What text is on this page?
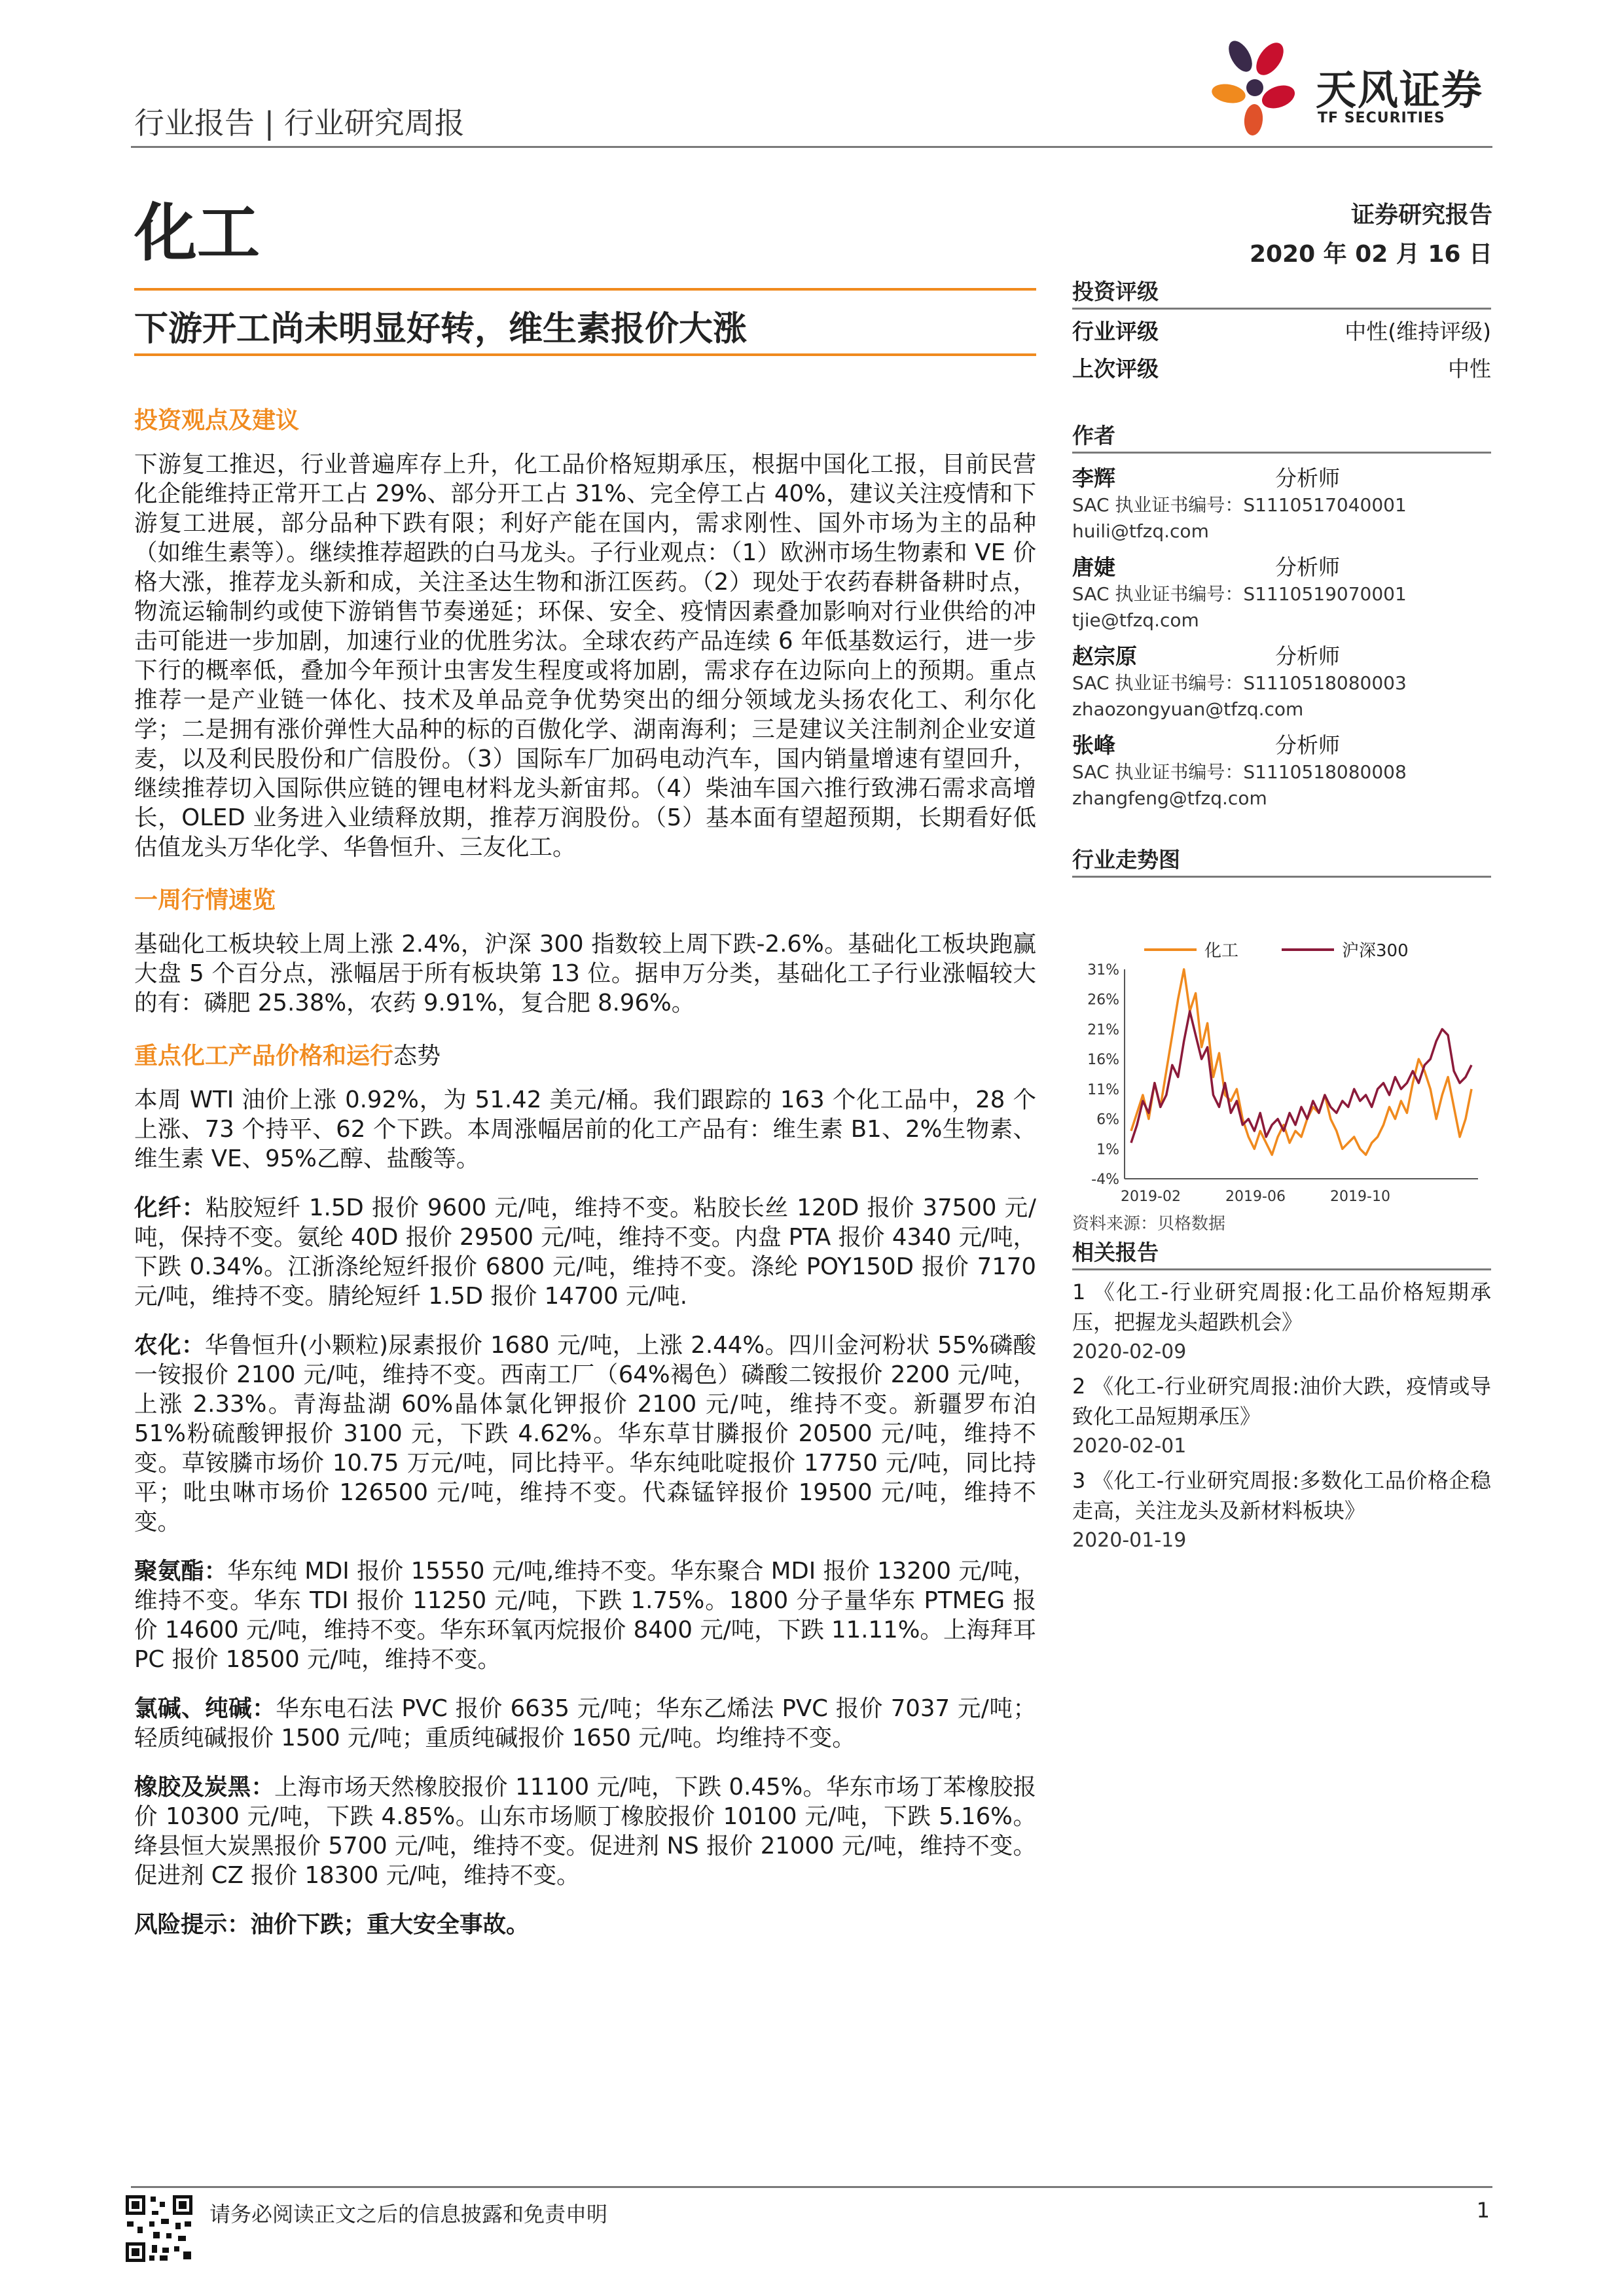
行业报告 | 行业研究周报
天风证券
TF SECURITIES
化工	证券研究报告
2020 年 02 月 16 日
下游开工尚未明显好转，维生素报价大涨
投资观点及建议

下游复工推迟，行业普遍库存上升，化工品价格短期承压，根据中国化工报，目前民营化企能维持正常开工占 29%、部分开工占 31%、完全停工占 40%，建议关注疫情和下游复工进展，部分品种下跌有限；利好产能在国内，需求刚性、国外市场为主的品种（如维生素等）。继续推荐超跌的白马龙头。子行业观点：（1）欧洲市场生物素和 VE 价格大涨，推荐龙头新和成，关注圣达生物和浙江医药。（2）现处于农药春耕备耕时点，物流运输制约或使下游销售节奏递延；环保、安全、疫情因素叠加影响对行业供给的冲击可能进一步加剧，加速行业的优胜劣汰。全球农药产品连续 6 年低基数运行，进一步下行的概率低，叠加今年预计虫害发生程度或将加剧，需求存在边际向上的预期。重点推荐一是产业链一体化、技术及单品竞争优势突出的细分领域龙头扬农化工、利尔化学；二是拥有涨价弹性大品种的标的百傲化学、湖南海利；三是建议关注制剂企业安道麦，以及利民股份和广信股份。（3）国际车厂加码电动汽车，国内销量增速有望回升，继续推荐切入国际供应链的锂电材料龙头新宙邦。（4）柴油车国六推行致沸石需求高增长，OLED 业务进入业绩释放期，推荐万润股份。（5）基本面有望超预期，长期看好低估值龙头万华化学、华鲁恒升、三友化工。

一周行情速览

基础化工板块较上周上涨 2.4%，沪深 300 指数较上周下跌-2.6%。基础化工板块跑赢大盘 5 个百分点，涨幅居于所有板块第 13 位。据申万分类，基础化工子行业涨幅较大的有：磷肥 25.38%，农药 9.91%，复合肥 8.96%。

重点化工产品价格和运行态势

本周 WTI 油价上涨 0.92%，为 51.42 美元/桶。我们跟踪的 163 个化工品中，28 个上涨、73 个持平、62 个下跌。本周涨幅居前的化工产品有：维生素 B1、2%生物素、维生素 VE、95%乙醇、盐酸等。

化纤：粘胶短纤 1.5D 报价 9600 元/吨，维持不变。粘胶长丝 120D 报价 37500 元/吨，保持不变。氨纶 40D 报价 29500 元/吨，维持不变。内盘 PTA 报价 4340 元/吨，下跌 0.34%。江浙涤纶短纤报价 6800 元/吨，维持不变。涤纶 POY150D 报价 7170 元/吨，维持不变。腈纶短纤 1.5D 报价 14700 元/吨.

农化：华鲁恒升(小颗粒)尿素报价 1680 元/吨，上涨 2.44%。四川金河粉状 55%磷酸一铵报价 2100 元/吨，维持不变。西南工厂（64%褐色）磷酸二铵报价 2200 元/吨，上涨 2.33%。青海盐湖 60%晶体氯化钾报价 2100 元/吨，维持不变。新疆罗布泊 51%粉硫酸钾报价 3100 元，下跌 4.62%。华东草甘膦报价 20500 元/吨，维持不变。草铵膦市场价 10.75 万元/吨，同比持平。华东纯吡啶报价 17750 元/吨，同比持平；吡虫啉市场价 126500 元/吨，维持不变。代森锰锌报价 19500 元/吨，维持不变。

聚氨酯：华东纯 MDI 报价 15550 元/吨,维持不变。华东聚合 MDI 报价 13200 元/吨，维持不变。华东 TDI 报价 11250 元/吨，下跌 1.75%。1800 分子量华东 PTMEG 报价 14600 元/吨，维持不变。华东环氧丙烷报价 8400 元/吨，下跌 11.11%。上海拜耳 PC 报价 18500 元/吨，维持不变。

氯碱、纯碱：华东电石法 PVC 报价 6635 元/吨；华东乙烯法 PVC 报价 7037 元/吨；轻质纯碱报价 1500 元/吨；重质纯碱报价 1650 元/吨。均维持不变。

橡胶及炭黑：上海市场天然橡胶报价 11100 元/吨，下跌 0.45%。华东市场丁苯橡胶报价 10300 元/吨，下跌 4.85%。山东市场顺丁橡胶报价 10100 元/吨，下跌 5.16%。绛县恒大炭黑报价 5700 元/吨，维持不变。促进剂 NS 报价 21000 元/吨，维持不变。促进剂 CZ 报价 18300 元/吨，维持不变。

风险提示：油价下跌；重大安全事故。

投资评级
行业评级	中性(维持评级)
上次评级	中性
作者
李辉	分析师
SAC 执业证书编号：S1110517040001
huili@tfzq.com
唐婕	分析师
SAC 执业证书编号：S1110519070001
tjie@tfzq.com
赵宗原	分析师
SAC 执业证书编号：S1110518080003
zhaozongyuan@tfzq.com
张峰	分析师
SAC 执业证书编号：S1110518080008
zhangfeng@tfzq.com
行业走势图
化工	沪深300
31%
26%
21%
16%
11%
6%
1%
-4%
2019-02	2019-06	2019-10
资料来源：贝格数据
相关报告
1 《化工-行业研究周报:化工品价格短期承压，把握龙头超跌机会》
2020-02-09
2 《化工-行业研究周报:油价大跌，疫情或导致化工品短期承压》
2020-02-01
3 《化工-行业研究周报:多数化工品价格企稳走高，关注龙头及新材料板块》
2020-01-19
请务必阅读正文之后的信息披露和免责申明	1
